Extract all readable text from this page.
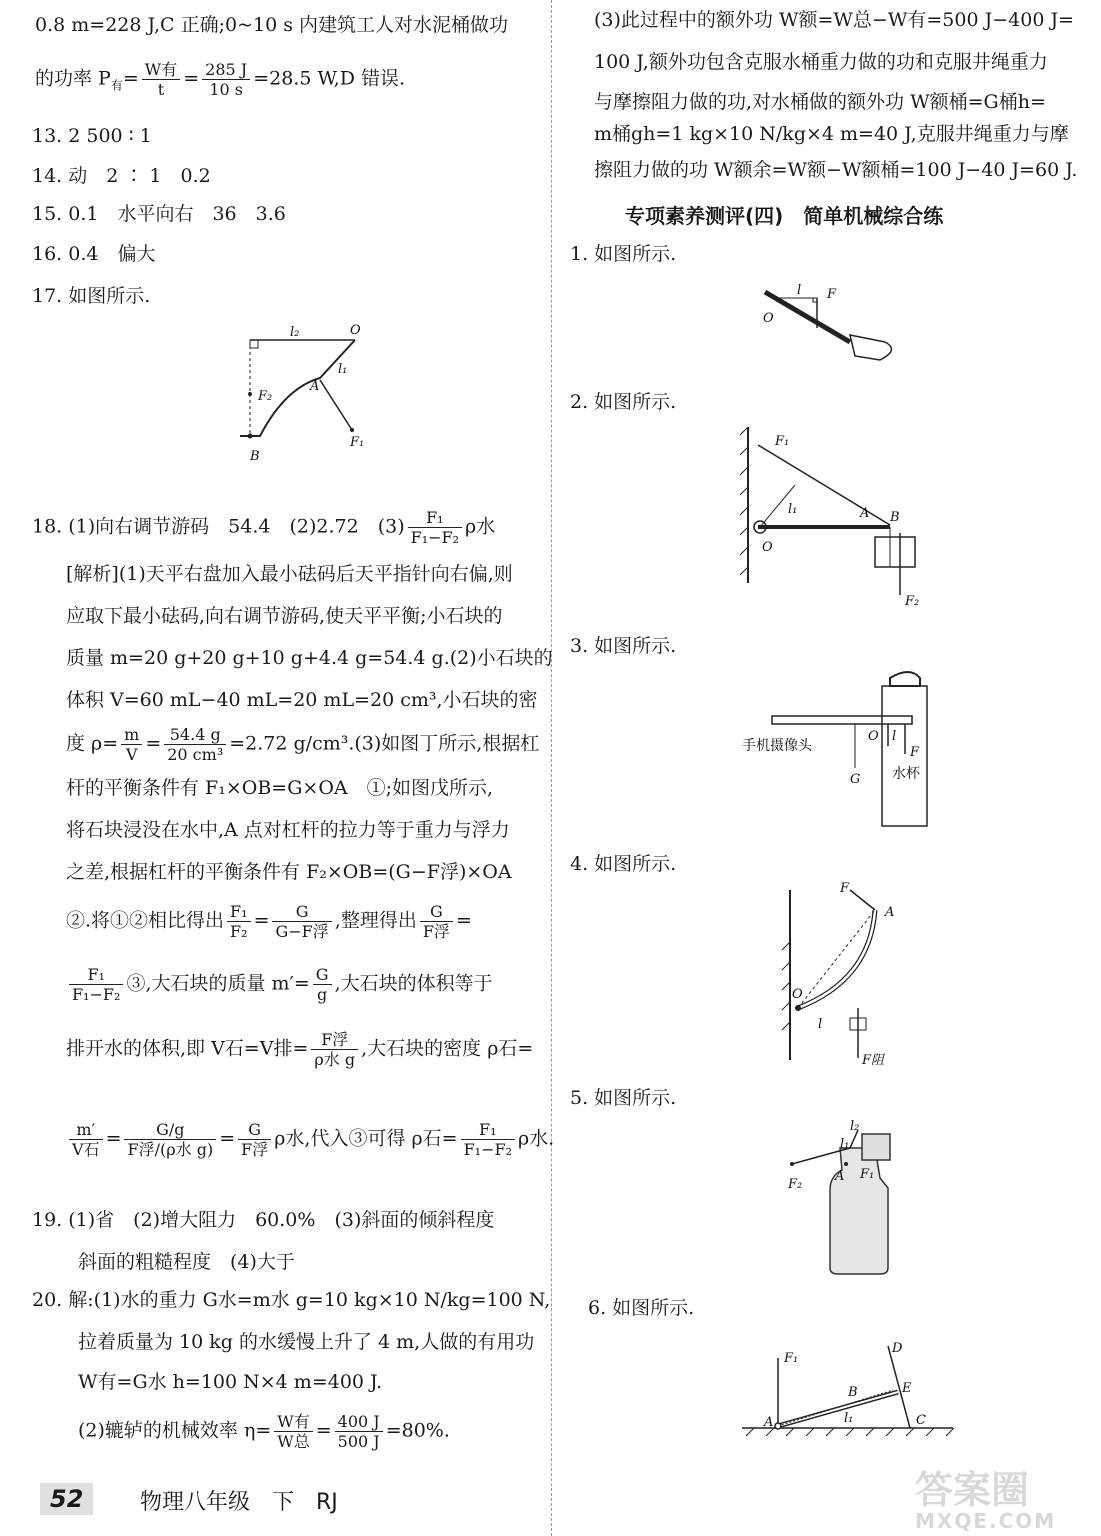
0.8 m=228 J,C 正确;0~10 s 内建筑工人对水泥桶做功
的功率 $P_有= \frac{\text{W有}}{t} = \frac{285 J}{10 s} =28.5$ W,D 错误.
13. 2 500 ∶ 1
14. 动　2 ∶ 1　0.2
15. 0.1　水平向右　36　3.6
16. 0.4　偏大
17. 如图所示.
l₂	O
l₁
A
F₂
F₁
B
18. (1)向右调节游码　54.4　(2)2.72　$(3) \frac{\text{F₁}}{\text{F₁−F₂}}$ ρ水
[解析](1)天平右盘加入最小砝码后天平指针向右偏,则
应取下最小砝码,向右调节游码,使天平平衡;小石块的
质量 m=20 g+20 g+10 g+4.4 g=54.4 g.(2)小石块的
体积 V=60 mL−40 mL=20 mL=20 cm³,小石块的密
度 $\rho= \frac{m}{V} = \frac{54.4 g}{\text{20 cm³}} =2.72$ g/cm³.(3)如图丁所示,根据杠
杆的平衡条件有 F₁×OB=G×OA　①;如图戊所示,
将石块浸没在水中,A 点对杠杆的拉力等于重力与浮力
之差,根据杠杆的平衡条件有 F₂×OB=(G−F浮)×OA
②.将①②相比得出 $\frac{\text{F₁}}{\text{F₂}} = \frac{G}{\text{G−F浮}}$ ,整理得出 $\frac{G}{\text{F浮}}$ =
$\frac{\text{F₁}}{\text{F₁−F₂}}$ ③,大石块的质量 $m'= \frac{G}{g}$ ,大石块的体积等于
排开水的体积,即 V石=V排= $\frac{\text{F浮}}{\text{ρ水 g}}$ ,大石块的密度 ρ石=
$\frac{m'}{\text{V石}} = \frac{G/g}{\text{F浮/(ρ水 g)}} = \frac{G}{\text{F浮}}$ ρ水,代入③可得 ρ石= $\frac{\text{F₁}}{\text{F₁−F₂}}$ ρ水.
19. (1)省　(2)增大阻力　60.0%　(3)斜面的倾斜程度
斜面的粗糙程度　(4)大于
20. 解:(1)水的重力 G水=m水 g=10 kg×10 N/kg=100 N,
拉着质量为 10 kg 的水缓慢上升了 4 m,人做的有用功
W有=G水 h=100 N×4 m=400 J.
(2)辘轳的机械效率 $\eta= \frac{\text{W有}}{\text{W总}} = \frac{400 J}{500 J} =80\%$.
(3)此过程中的额外功 W额=W总−W有=500 J−400 J=
100 J,额外功包含克服水桶重力做的功和克服井绳重力
与摩擦阻力做的功,对水桶做的额外功 W额桶=G桶h=
m桶gh=1 kg×10 N/kg×4 m=40 J,克服井绳重力与摩
擦阻力做的功 W额余=W额−W额桶=100 J−40 J=60 J.
专项素养测评(四)　简单机械综合练
1. 如图所示.
l F
O
2. 如图所示.
F₁
l₁	A B
O
F₂
3. 如图所示.
手机摄像头
O l
F
G 水杯
4. 如图所示.
F
A
O
l
F阻
5. 如图所示.
l₂
l₁
A
F₂
F₁
6. 如图所示.
D
F₁
B	E
A	l₁	C
52	物理八年级　下　RJ	答案圈
MXQE.COM
